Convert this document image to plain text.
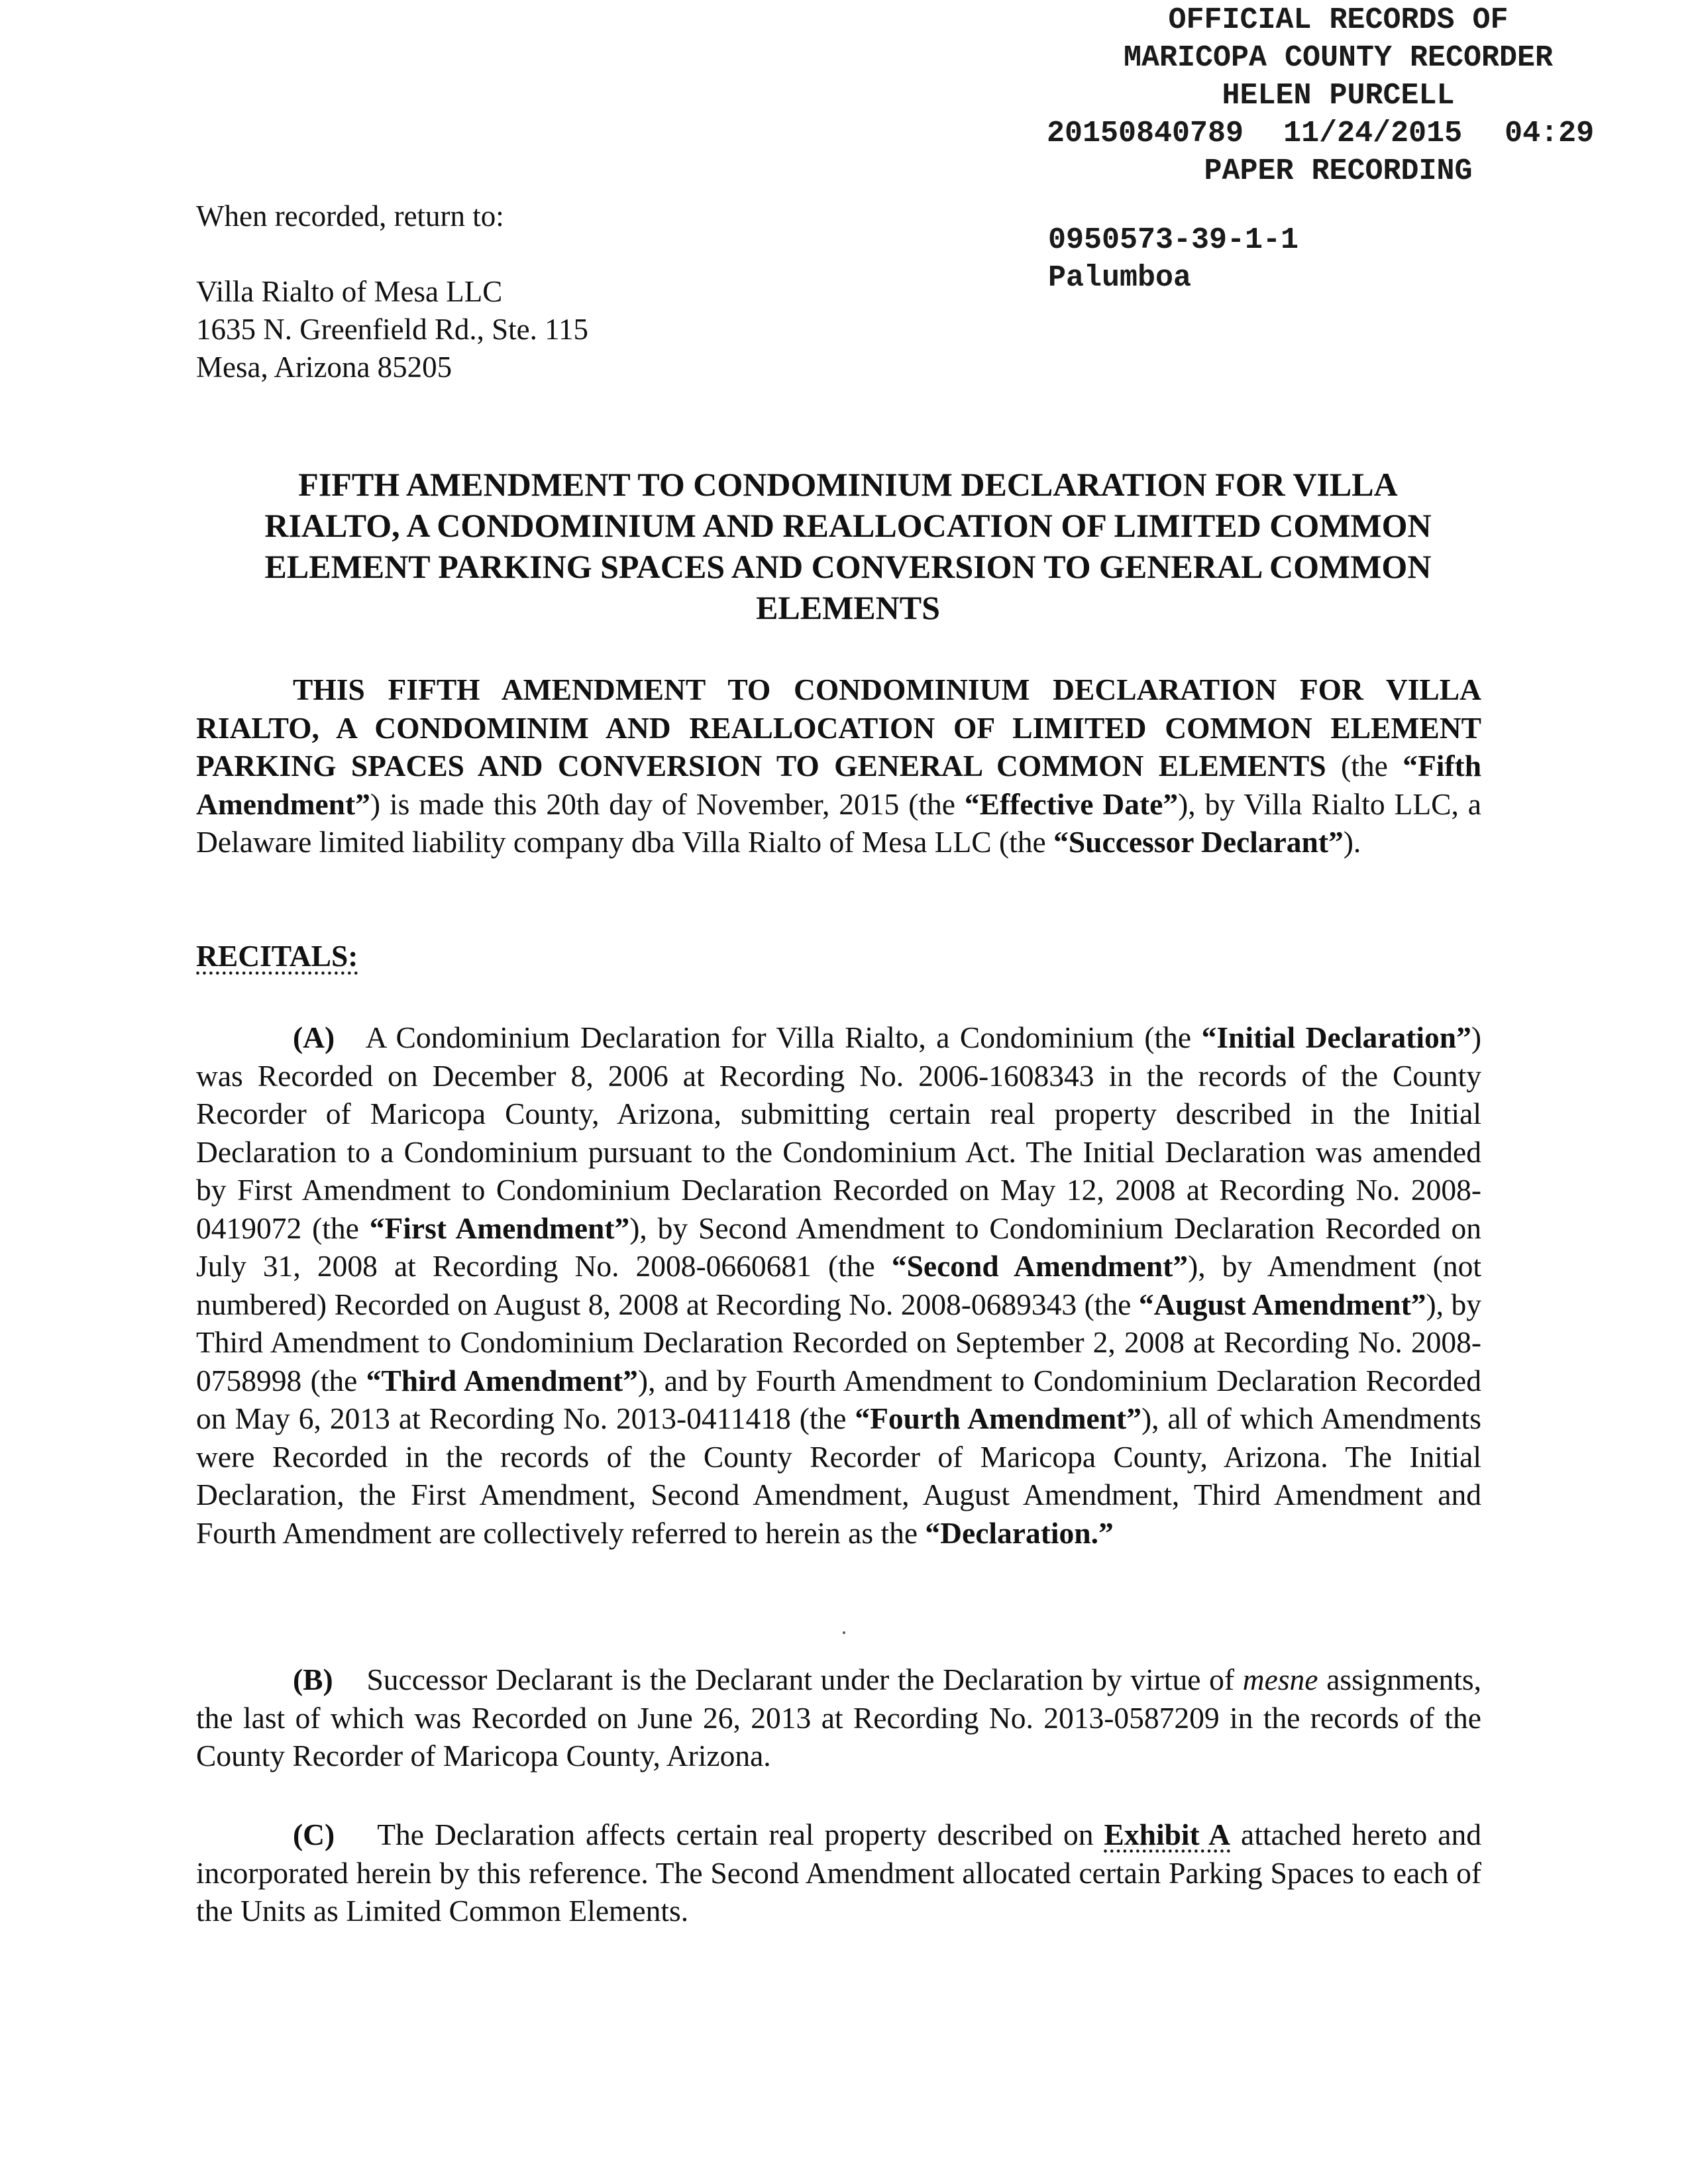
OFFICIAL RECORDS OF
MARICOPA COUNTY RECORDER
HELEN PURCELL
20150840789 11/24/2015 04:29
PAPER RECORDING
0950573-39-1-1
Palumboa
When recorded, return to:
Villa Rialto of Mesa LLC
1635 N. Greenfield Rd., Ste. 115
Mesa, Arizona 85205
FIFTH AMENDMENT TO CONDOMINIUM DECLARATION FOR VILLA
RIALTO, A CONDOMINIUM AND REALLOCATION OF LIMITED COMMON
ELEMENT PARKING SPACES AND CONVERSION TO GENERAL COMMON
ELEMENTS
THIS FIFTH AMENDMENT TO CONDOMINIUM DECLARATION FOR VILLA RIALTO, A CONDOMINIM AND REALLOCATION OF LIMITED COMMON ELEMENT PARKING SPACES AND CONVERSION TO GENERAL COMMON ELEMENTS (the “Fifth Amendment”) is made this 20th day of November, 2015 (the “Effective Date”), by Villa Rialto LLC, a Delaware limited liability company dba Villa Rialto of Mesa LLC (the “Successor Declarant”).
RECITALS:
(A) A Condominium Declaration for Villa Rialto, a Condominium (the “Initial Declaration”) was Recorded on December 8, 2006 at Recording No. 2006-1608343 in the records of the County Recorder of Maricopa County, Arizona, submitting certain real property described in the Initial Declaration to a Condominium pursuant to the Condominium Act. The Initial Declaration was amended by First Amendment to Condominium Declaration Recorded on May 12, 2008 at Recording No. 2008-0419072 (the “First Amendment”), by Second Amendment to Condominium Declaration Recorded on July 31, 2008 at Recording No. 2008-0660681 (the “Second Amendment”), by Amendment (not numbered) Recorded on August 8, 2008 at Recording No. 2008-0689343 (the “August Amendment”), by Third Amendment to Condominium Declaration Recorded on September 2, 2008 at Recording No. 2008-0758998 (the “Third Amendment”), and by Fourth Amendment to Condominium Declaration Recorded on May 6, 2013 at Recording No. 2013-0411418 (the “Fourth Amendment”), all of which Amendments were Recorded in the records of the County Recorder of Maricopa County, Arizona. The Initial Declaration, the First Amendment, Second Amendment, August Amendment, Third Amendment and Fourth Amendment are collectively referred to herein as the “Declaration.”
(B) Successor Declarant is the Declarant under the Declaration by virtue of mesne assignments, the last of which was Recorded on June 26, 2013 at Recording No. 2013-0587209 in the records of the County Recorder of Maricopa County, Arizona.
(C) The Declaration affects certain real property described on Exhibit A attached hereto and incorporated herein by this reference. The Second Amendment allocated certain Parking Spaces to each of the Units as Limited Common Elements.
